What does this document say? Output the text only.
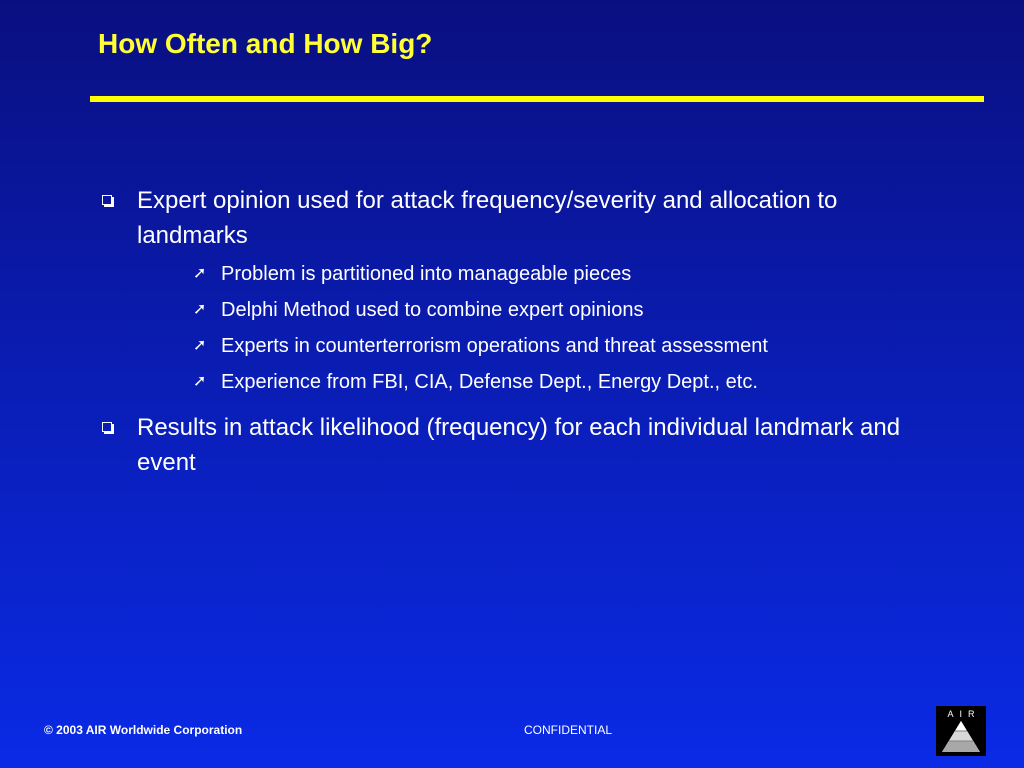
How Often and How Big?
Expert opinion used for attack frequency/severity and allocation to landmarks
➚ Problem is partitioned into manageable pieces
➚ Delphi Method used to combine expert opinions
➚ Experts in counterterrorism operations and threat assessment
➚ Experience from FBI, CIA, Defense Dept., Energy Dept., etc.
Results in attack likelihood (frequency) for each individual landmark and event
© 2003 AIR Worldwide Corporation	CONFIDENTIAL
AIR
